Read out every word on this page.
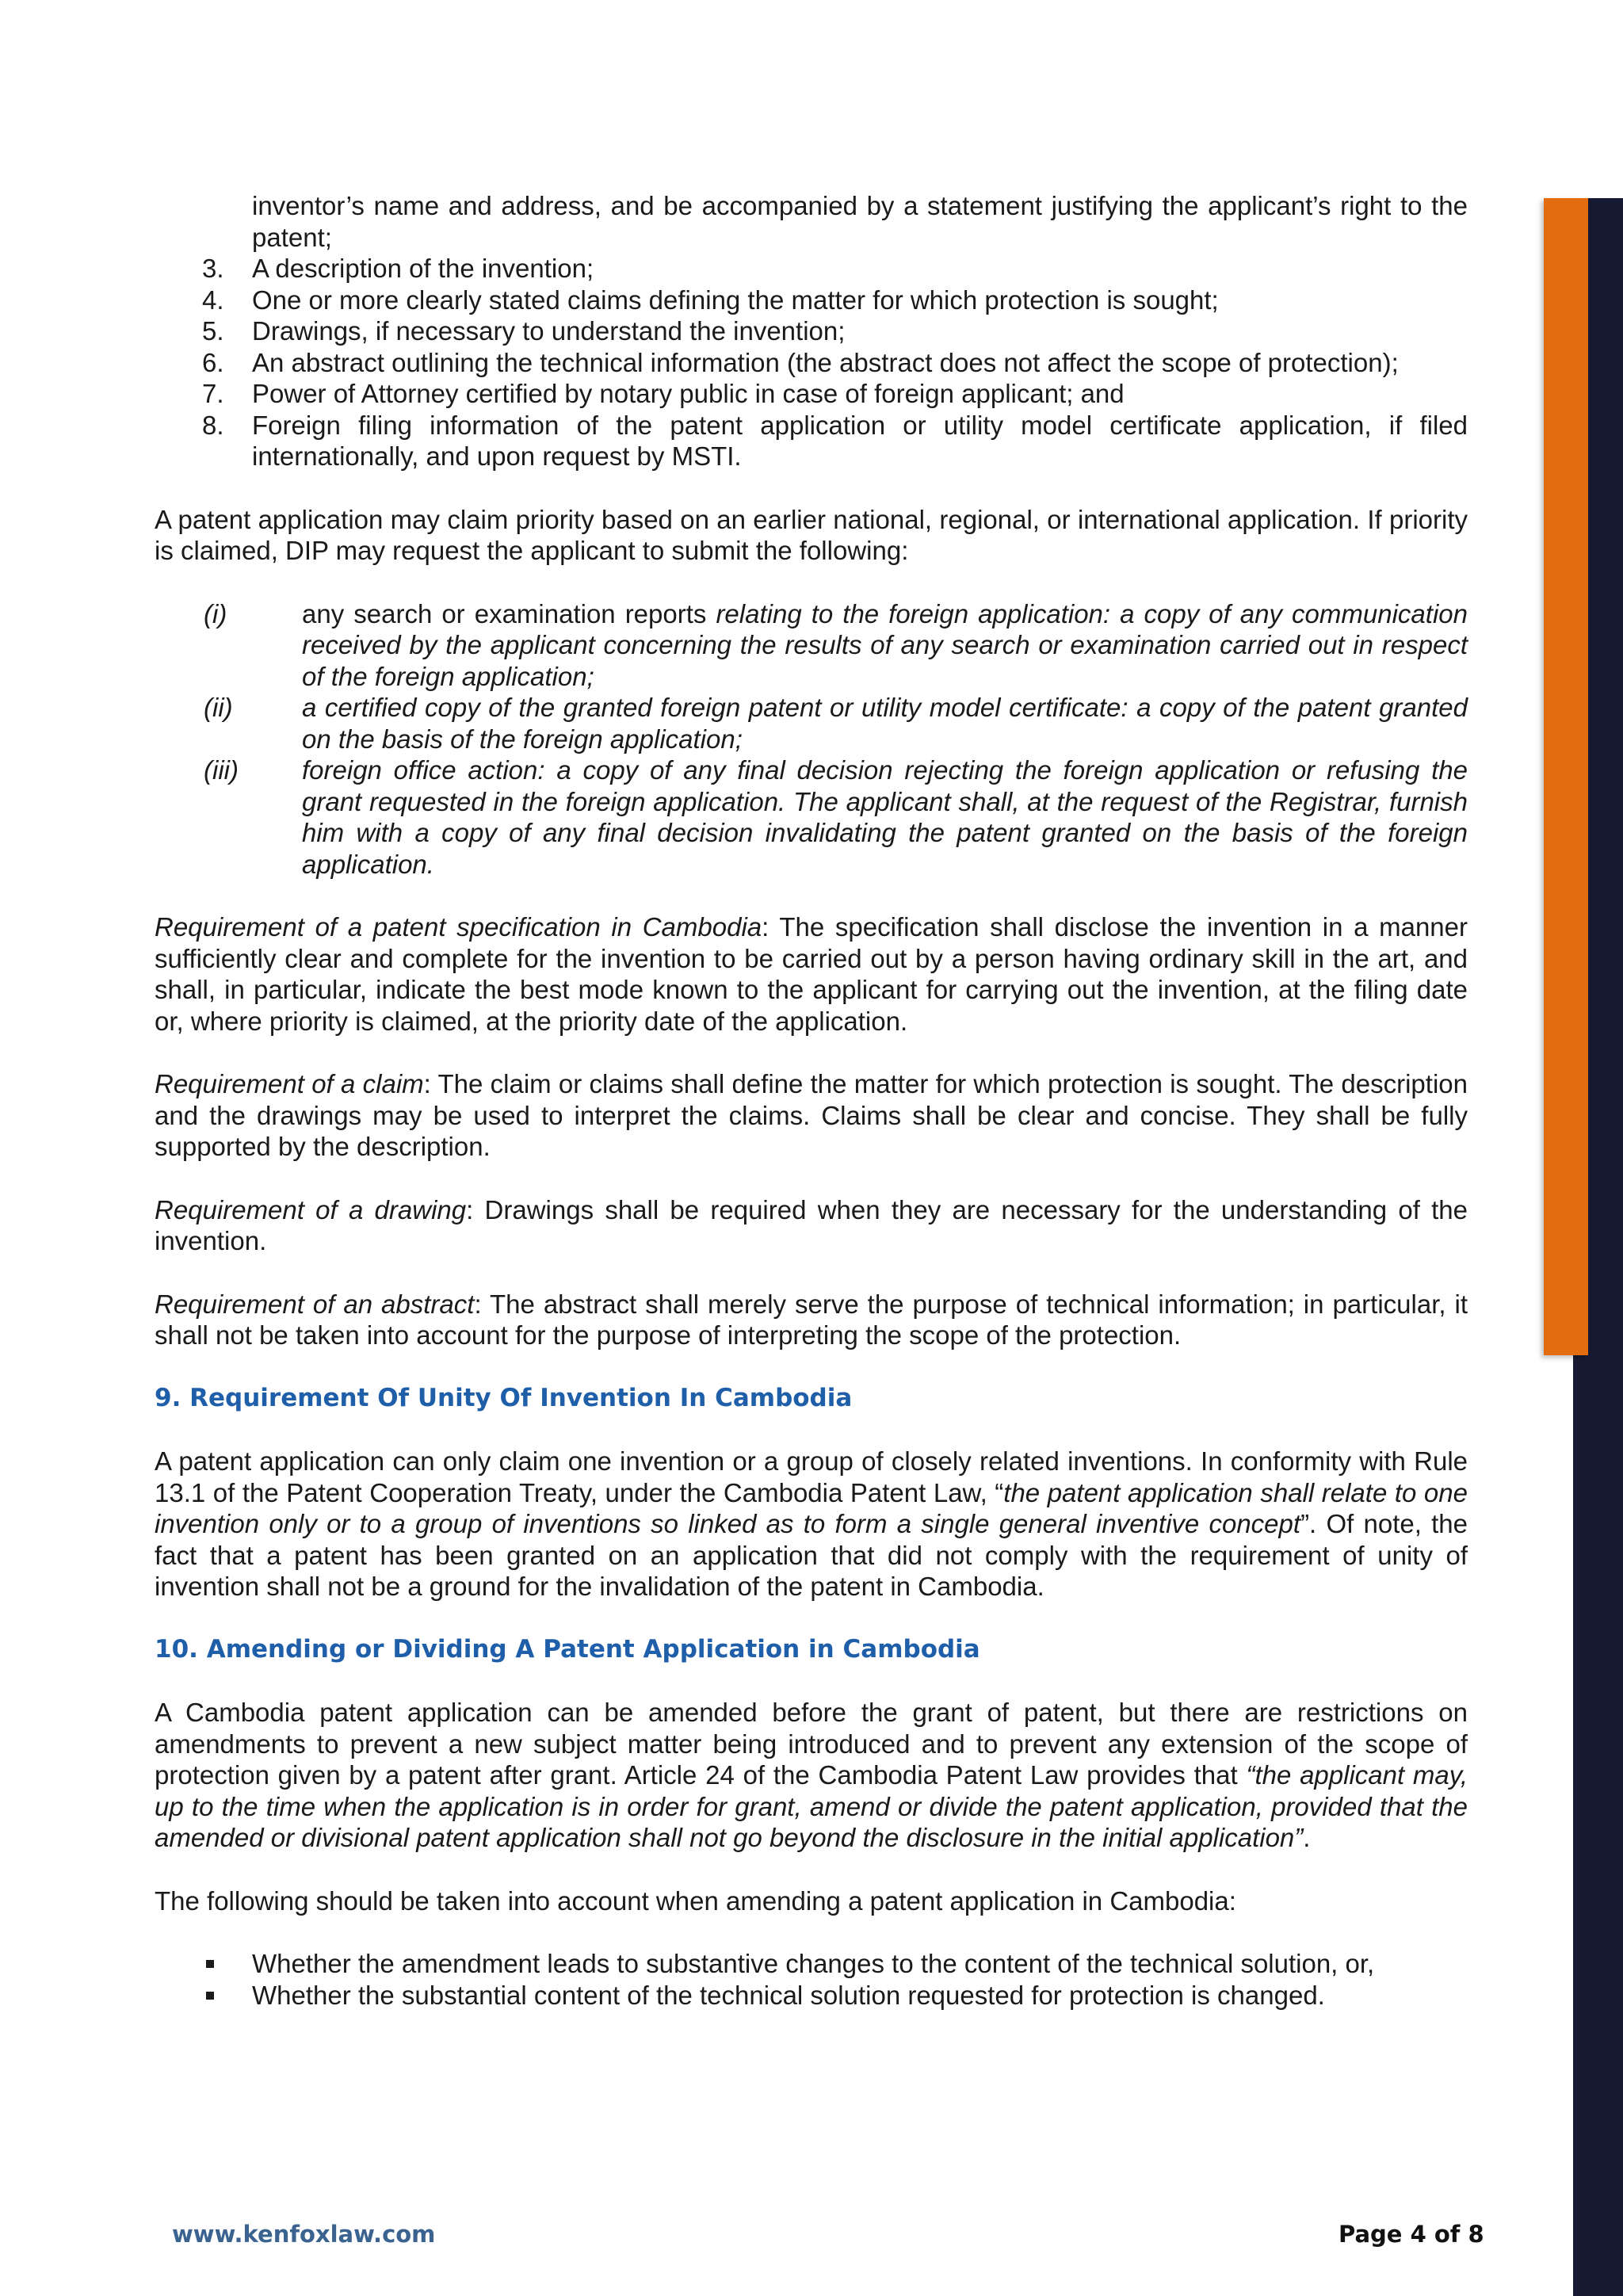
inventor’s name and address, and be accompanied by a statement justifying the applicant’s right to the patent;
3. A description of the invention;
4. One or more clearly stated claims defining the matter for which protection is sought;
5. Drawings, if necessary to understand the invention;
6. An abstract outlining the technical information (the abstract does not affect the scope of protection);
7. Power of Attorney certified by notary public in case of foreign applicant; and
8. Foreign filing information of the patent application or utility model certificate application, if filed internationally, and upon request by MSTI.

A patent application may claim priority based on an earlier national, regional, or international application. If priority is claimed, DIP may request the applicant to submit the following:

(i)	any search or examination reports relating to the foreign application: a copy of any communication received by the applicant concerning the results of any search or examination carried out in respect of the foreign application;
(ii)	a certified copy of the granted foreign patent or utility model certificate: a copy of the patent granted on the basis of the foreign application;
(iii) foreign office action: a copy of any final decision rejecting the foreign application or refusing the grant requested in the foreign application. The applicant shall, at the request of the Registrar, furnish him with a copy of any final decision invalidating the patent granted on the basis of the foreign application.

Requirement of a patent specification in Cambodia: The specification shall disclose the invention in a manner sufficiently clear and complete for the invention to be carried out by a person having ordinary skill in the art, and shall, in particular, indicate the best mode known to the applicant for carrying out the invention, at the filing date or, where priority is claimed, at the priority date of the application.

Requirement of a claim: The claim or claims shall define the matter for which protection is sought. The description and the drawings may be used to interpret the claims. Claims shall be clear and concise. They shall be fully supported by the description.

Requirement of a drawing: Drawings shall be required when they are necessary for the understanding of the invention.

Requirement of an abstract: The abstract shall merely serve the purpose of technical information; in particular, it shall not be taken into account for the purpose of interpreting the scope of the protection.

9. Requirement Of Unity Of Invention In Cambodia

A patent application can only claim one invention or a group of closely related inventions. In conformity with Rule 13.1 of the Patent Cooperation Treaty, under the Cambodia Patent Law, “the patent application shall relate to one invention only or to a group of inventions so linked as to form a single general inventive concept”. Of note, the fact that a patent has been granted on an application that did not comply with the requirement of unity of invention shall not be a ground for the invalidation of the patent in Cambodia.

10. Amending or Dividing A Patent Application in Cambodia

A Cambodia patent application can be amended before the grant of patent, but there are restrictions on amendments to prevent a new subject matter being introduced and to prevent any extension of the scope of protection given by a patent after grant. Article 24 of the Cambodia Patent Law provides that “the applicant may, up to the time when the application is in order for grant, amend or divide the patent application, provided that the amended or divisional patent application shall not go beyond the disclosure in the initial application”.

The following should be taken into account when amending a patent application in Cambodia:

Whether the amendment leads to substantive changes to the content of the technical solution, or,
Whether the substantial content of the technical solution requested for protection is changed.
www.kenfoxlaw.com	Page 4 of 8
